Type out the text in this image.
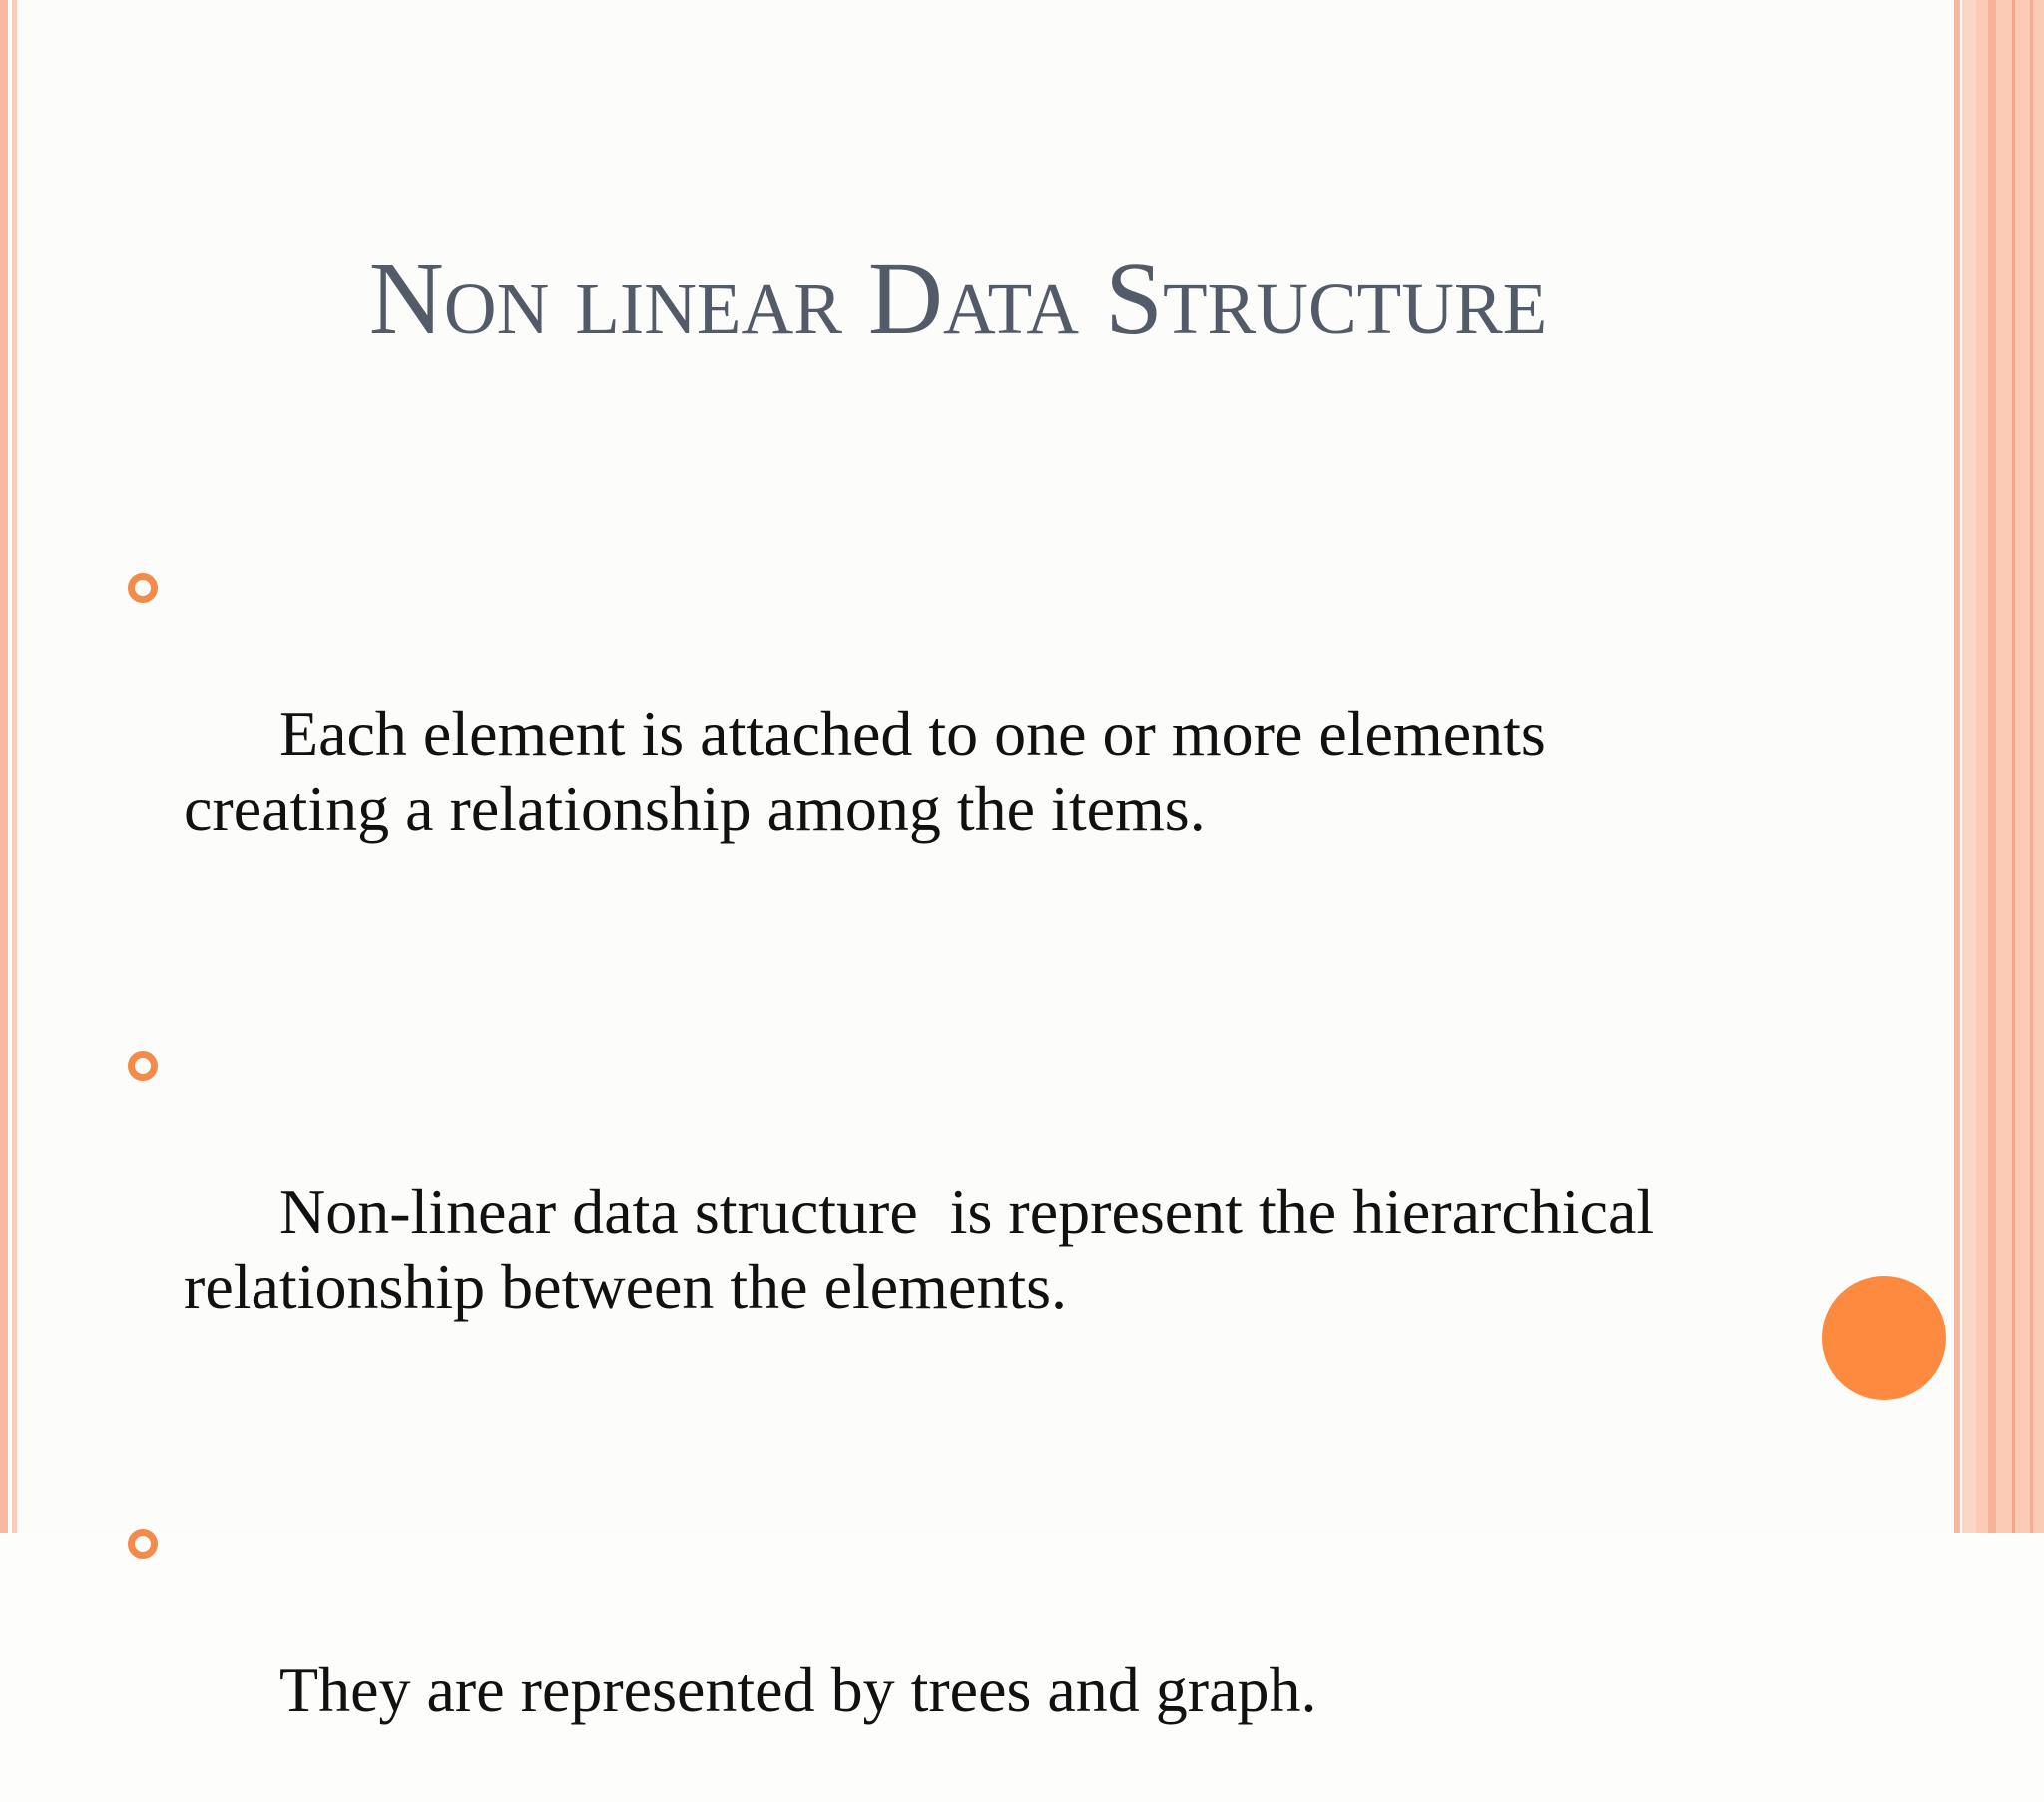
Non linear Data Structure

Each element is attached to one or more elements creating a relationship among the items.

Non-linear data structure  is represent the hierarchical relationship between the elements.

They are represented by trees and graph.
